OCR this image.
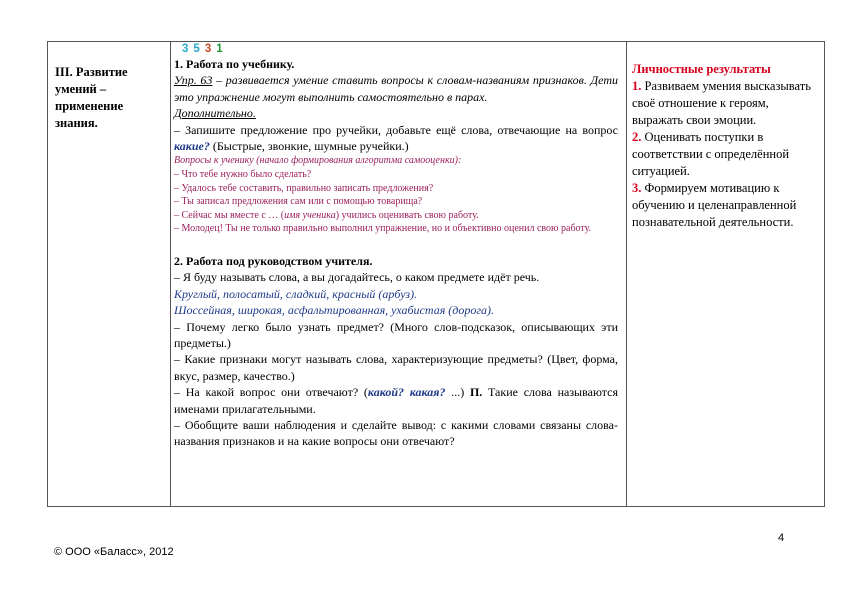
III. Развитие умений – применение знания.
3 5 3 1

1. Работа по учебнику.

Упр. 63 – развивается умение ставить вопросы к словам-названиям признаков. Дети это упражнение могут выполнить самостоятельно в парах.

Дополнительно.

– Запишите предложение про ручейки, добавьте ещё слова, отвечающие на вопрос какие? (Быстрые, звонкие, шумные ручейки.)

Вопросы к ученику (начало формирования алгоритма самооценки):

– Что тебе нужно было сделать?

– Удалось тебе составить, правильно записать предложения?

– Ты записал предложения сам или с помощью товарища?

– Сейчас мы вместе с … (имя ученика) учились оценивать свою работу.

– Молодец! Ты не только правильно выполнил упражнение, но и объективно оценил свою работу.

2. Работа под руководством учителя.

– Я буду называть слова, а вы догадайтесь, о каком предмете идёт речь.

Круглый, полосатый, сладкий, красный (арбуз).

Шоссейная, широкая, асфальтированная, ухабистая (дорога).

– Почему легко было узнать предмет? (Много слов-подсказок, описывающих эти предметы.)

– Какие признаки могут называть слова, характеризующие предметы? (Цвет, форма, вкус, размер, качество.)

– На какой вопрос они отвечают? (какой? какая? ...) П. Такие слова называются именами прилагательными.

– Обобщите ваши наблюдения и сделайте вывод: с какими словами связаны слова-названия признаков и на какие вопросы они отвечают?

Личностные результаты

1. Развиваем умения высказывать своё отношение к героям, выражать свои эмоции.

2. Оценивать поступки в соответствии с определённой ситуацией.

3. Формируем мотивацию к обучению и целенаправленной познавательной деятельности.

4
© ООО «Баласс», 2012
